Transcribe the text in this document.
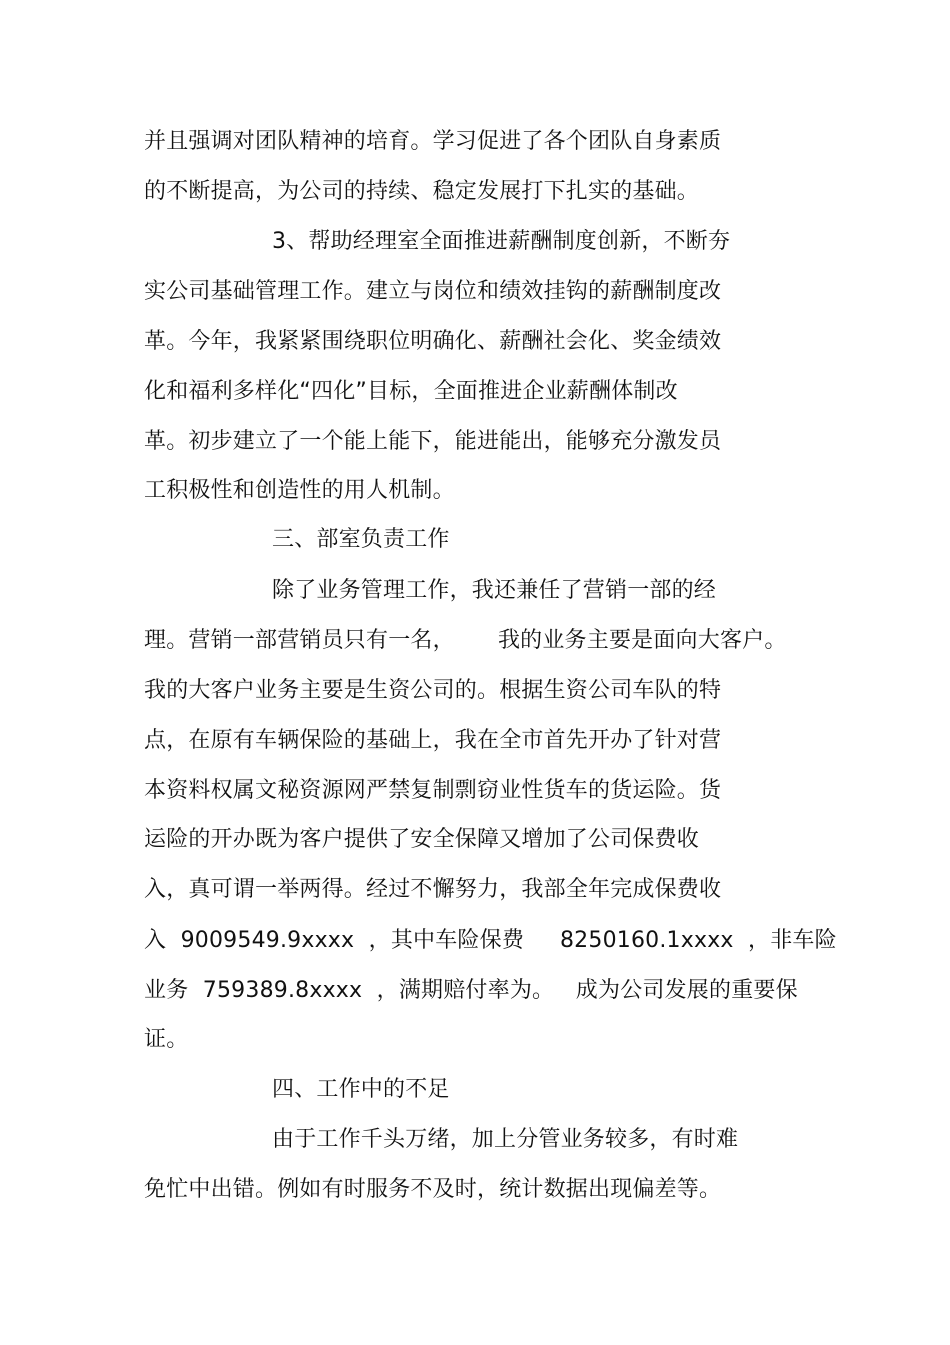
并且强调对团队精神的培育。学习促进了各个团队自身素质
的不断提高，为公司的持续、稳定发展打下扎实的基础。
3、帮助经理室全面推进薪酬制度创新，不断夯
实公司基础管理工作。建立与岗位和绩效挂钩的薪酬制度改
革。今年，我紧紧围绕职位明确化、薪酬社会化、奖金绩效
化和福利多样化“四化”目标，全面推进企业薪酬体制改
革。初步建立了一个能上能下，能进能出，能够充分激发员
工积极性和创造性的用人机制。
三、部室负责工作
除了业务管理工作，我还兼任了营销一部的经
理。营销一部营销员只有一名，      我的业务主要是面向大客户。
我的大客户业务主要是生资公司的。根据生资公司车队的特
点，在原有车辆保险的基础上，我在全市首先开办了针对营
本资料权属文秘资源网严禁复制剽窃业性货车的货运险。货
运险的开办既为客户提供了安全保障又增加了公司保费收
入，真可谓一举两得。经过不懈努力，我部全年完成保费收
入  9009549.9xxxx  ，其中车险保费     8250160.1xxxx  ，非车险
业务  759389.8xxxx  ，满期赔付率为。   成为公司发展的重要保
证。
四、工作中的不足
由于工作千头万绪，加上分管业务较多，有时难
免忙中出错。例如有时服务不及时，统计数据出现偏差等。
